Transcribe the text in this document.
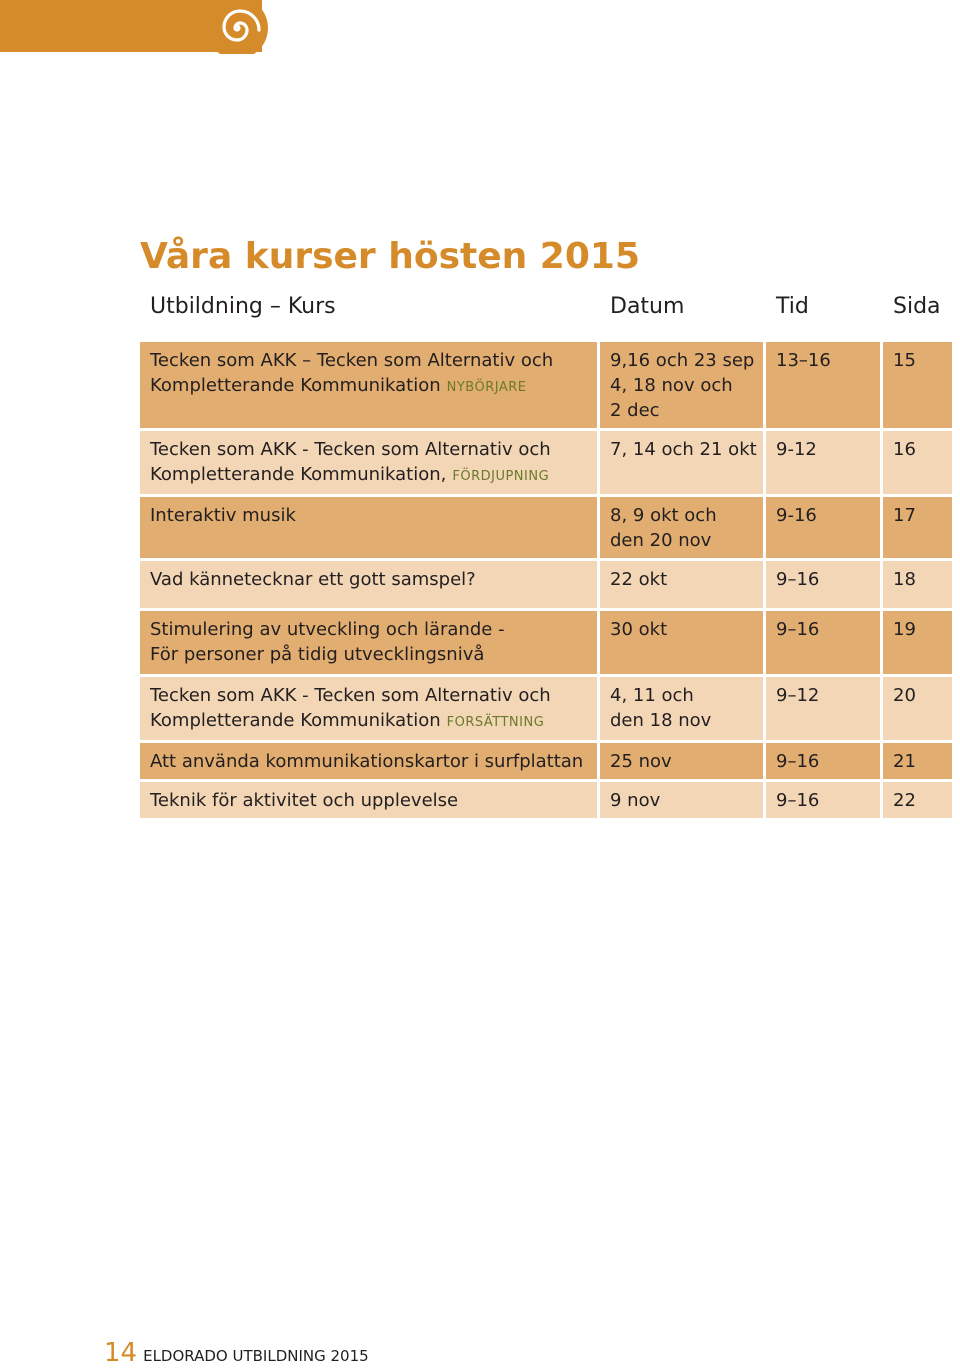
Våra kurser hösten 2015
Utbildning – Kurs	Datum	Tid	Sida
Tecken som AKK – Tecken som Alternativ och
Kompletterande Kommunikation NYBÖRJARE	9,16 och 23 sep
4, 18 nov och
2 dec	13–16	15
Tecken som AKK - Tecken som Alternativ och
Kompletterande Kommunikation, FÖRDJUPNING	7, 14 och 21 okt	9-12	16
Interaktiv musik	8, 9 okt och
den 20 nov	9-16	17
Vad kännetecknar ett gott samspel?	22 okt	9–16	18
Stimulering av utveckling och lärande -
För personer på tidig utvecklingsnivå	30 okt	9–16	19
Tecken som AKK - Tecken som Alternativ och
Kompletterande Kommunikation FORSÄTTNING	4, 11 och
den 18 nov	9–12	20
Att använda kommunikationskartor i surfplattan	25 nov	9–16	21
Teknik för aktivitet och upplevelse	9 nov	9–16	22
14 ELDORADO UTBILDNING 2015
